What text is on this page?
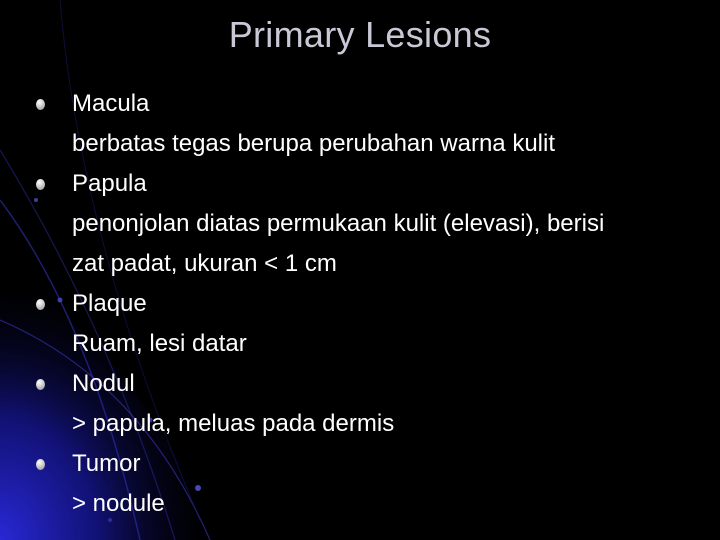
Primary Lesions
Macula
berbatas tegas berupa perubahan warna kulit
Papula
penonjolan diatas permukaan kulit (elevasi), berisi zat padat, ukuran < 1 cm
Plaque
Ruam, lesi datar
Nodul
> papula, meluas pada dermis
Tumor
> nodule
